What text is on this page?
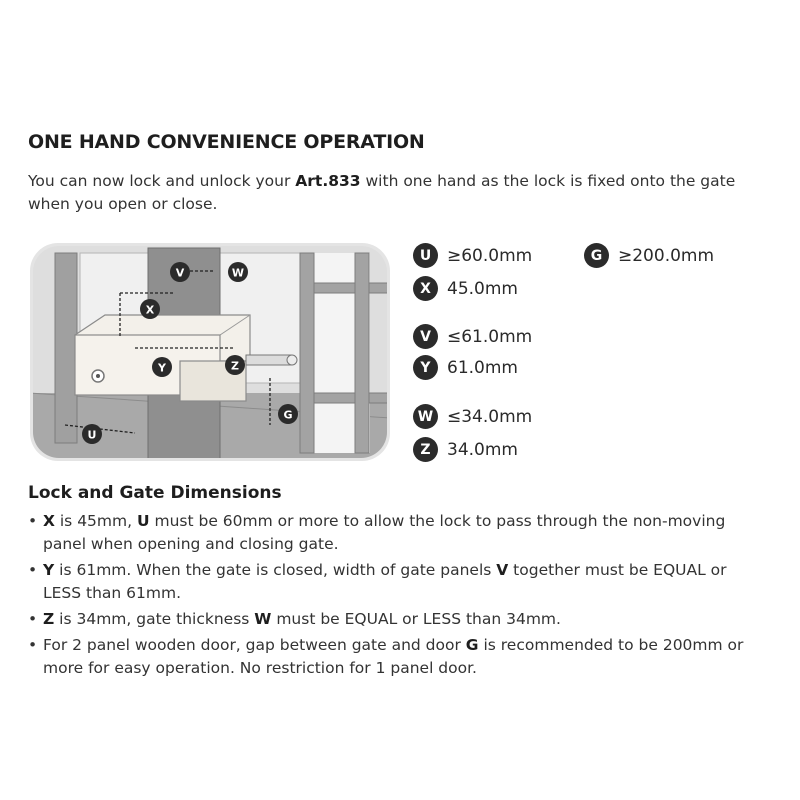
ONE HAND CONVENIENCE OPERATION

You can now lock and unlock your Art.833 with one hand as the lock is fixed onto the gate when you open or close.

V	W
X
Y	Z
G
U
U ≥60.0mm	G ≥200.0mm
X 45.0mm
V ≤61.0mm
Y 61.0mm
W ≤34.0mm
Z 34.0mm
Lock and Gate Dimensions
• X is 45mm, U must be 60mm or more to allow the lock to pass through the non-moving panel when opening and closing gate.
• Y is 61mm. When the gate is closed, width of gate panels V together must be EQUAL or LESS than 61mm.
• Z is 34mm, gate thickness W must be EQUAL or LESS than 34mm.
• For 2 panel wooden door, gap between gate and door G is recommended to be 200mm or more for easy operation. No restriction for 1 panel door.
